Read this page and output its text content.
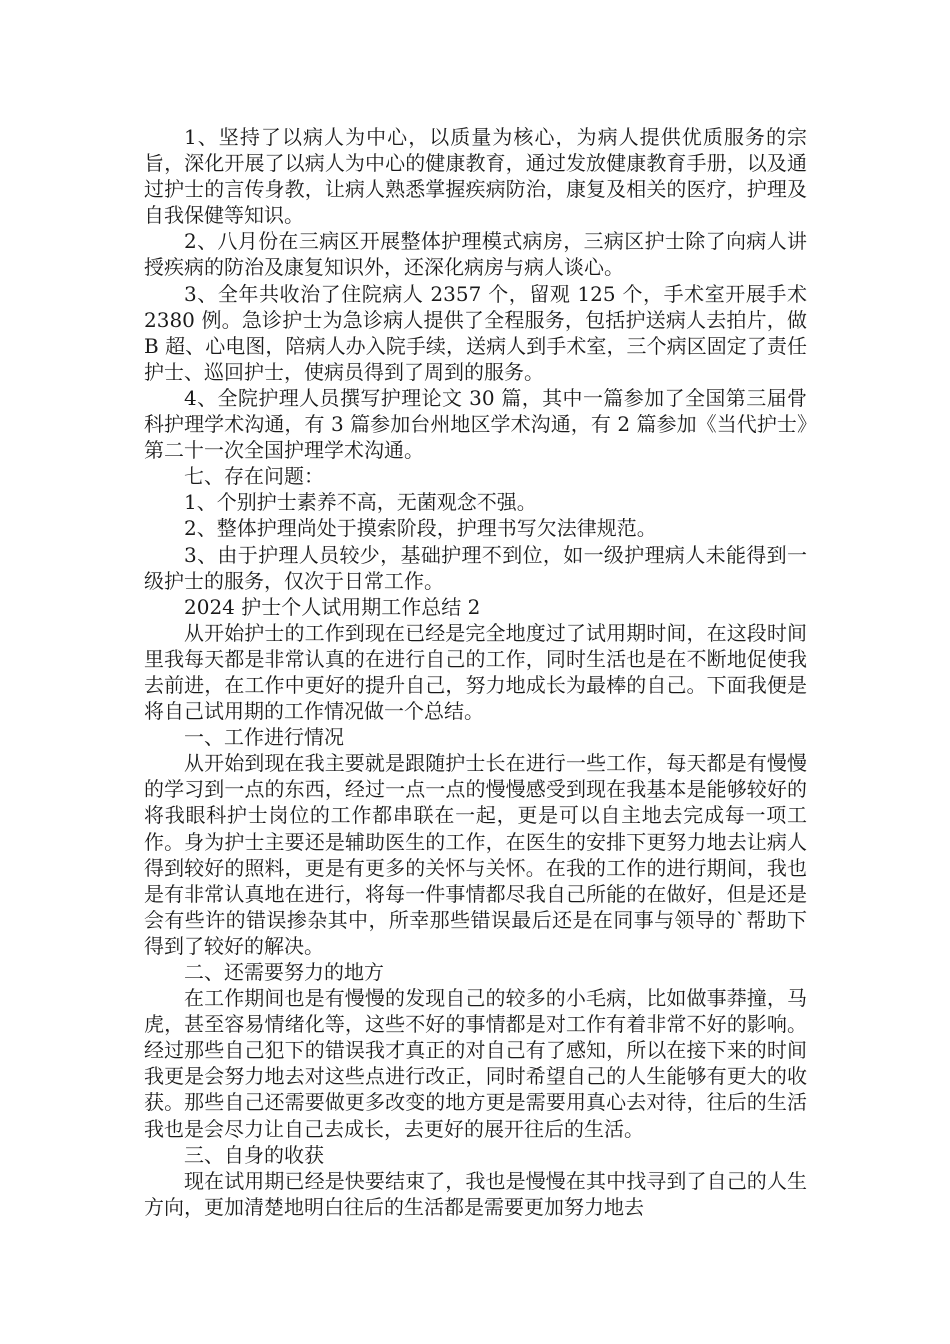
1、坚持了以病人为中心，以质量为核心，为病人提供优质服务的宗旨，深化开展了以病人为中心的健康教育，通过发放健康教育手册，以及通过护士的言传身教，让病人熟悉掌握疾病防治，康复及相关的医疗，护理及自我保健等知识。

2、八月份在三病区开展整体护理模式病房，三病区护士除了向病人讲授疾病的防治及康复知识外，还深化病房与病人谈心。

3、全年共收治了住院病人 2357 个，留观 125 个，手术室开展手术 2380 例。急诊护士为急诊病人提供了全程服务，包括护送病人去拍片，做 B 超、心电图，陪病人办入院手续，送病人到手术室，三个病区固定了责任护士、巡回护士，使病员得到了周到的服务。

4、全院护理人员撰写护理论文 30 篇，其中一篇参加了全国第三届骨科护理学术沟通，有 3 篇参加台州地区学术沟通，有 2 篇参加《当代护士》第二十一次全国护理学术沟通。

七、存在问题：

1、个别护士素养不高，无菌观念不强。

2、整体护理尚处于摸索阶段，护理书写欠法律规范。

3、由于护理人员较少，基础护理不到位，如一级护理病人未能得到一级护士的服务，仅次于日常工作。

2024 护士个人试用期工作总结 2

从开始护士的工作到现在已经是完全地度过了试用期时间，在这段时间里我每天都是非常认真的在进行自己的工作，同时生活也是在不断地促使我去前进，在工作中更好的提升自己，努力地成长为最棒的自己。下面我便是将自己试用期的工作情况做一个总结。

一、工作进行情况

从开始到现在我主要就是跟随护士长在进行一些工作，每天都是有慢慢的学习到一点的东西，经过一点一点的慢慢感受到现在我基本是能够较好的将我眼科护士岗位的工作都串联在一起，更是可以自主地去完成每一项工作。身为护士主要还是辅助医生的工作，在医生的安排下更努力地去让病人得到较好的照料，更是有更多的关怀与关怀。在我的工作的进行期间，我也是有非常认真地在进行，将每一件事情都尽我自己所能的在做好，但是还是会有些许的错误掺杂其中，所幸那些错误最后还是在同事与领导的`帮助下得到了较好的解决。

二、还需要努力的地方

在工作期间也是有慢慢的发现自己的较多的小毛病，比如做事莽撞，马虎，甚至容易情绪化等，这些不好的事情都是对工作有着非常不好的影响。经过那些自己犯下的错误我才真正的对自己有了感知，所以在接下来的时间我更是会努力地去对这些点进行改正，同时希望自己的人生能够有更大的收获。那些自己还需要做更多改变的地方更是需要用真心去对待，往后的生活我也是会尽力让自己去成长，去更好的展开往后的生活。

三、自身的收获

现在试用期已经是快要结束了，我也是慢慢在其中找寻到了自己的人生方向，更加清楚地明白往后的生活都是需要更加努力地去
